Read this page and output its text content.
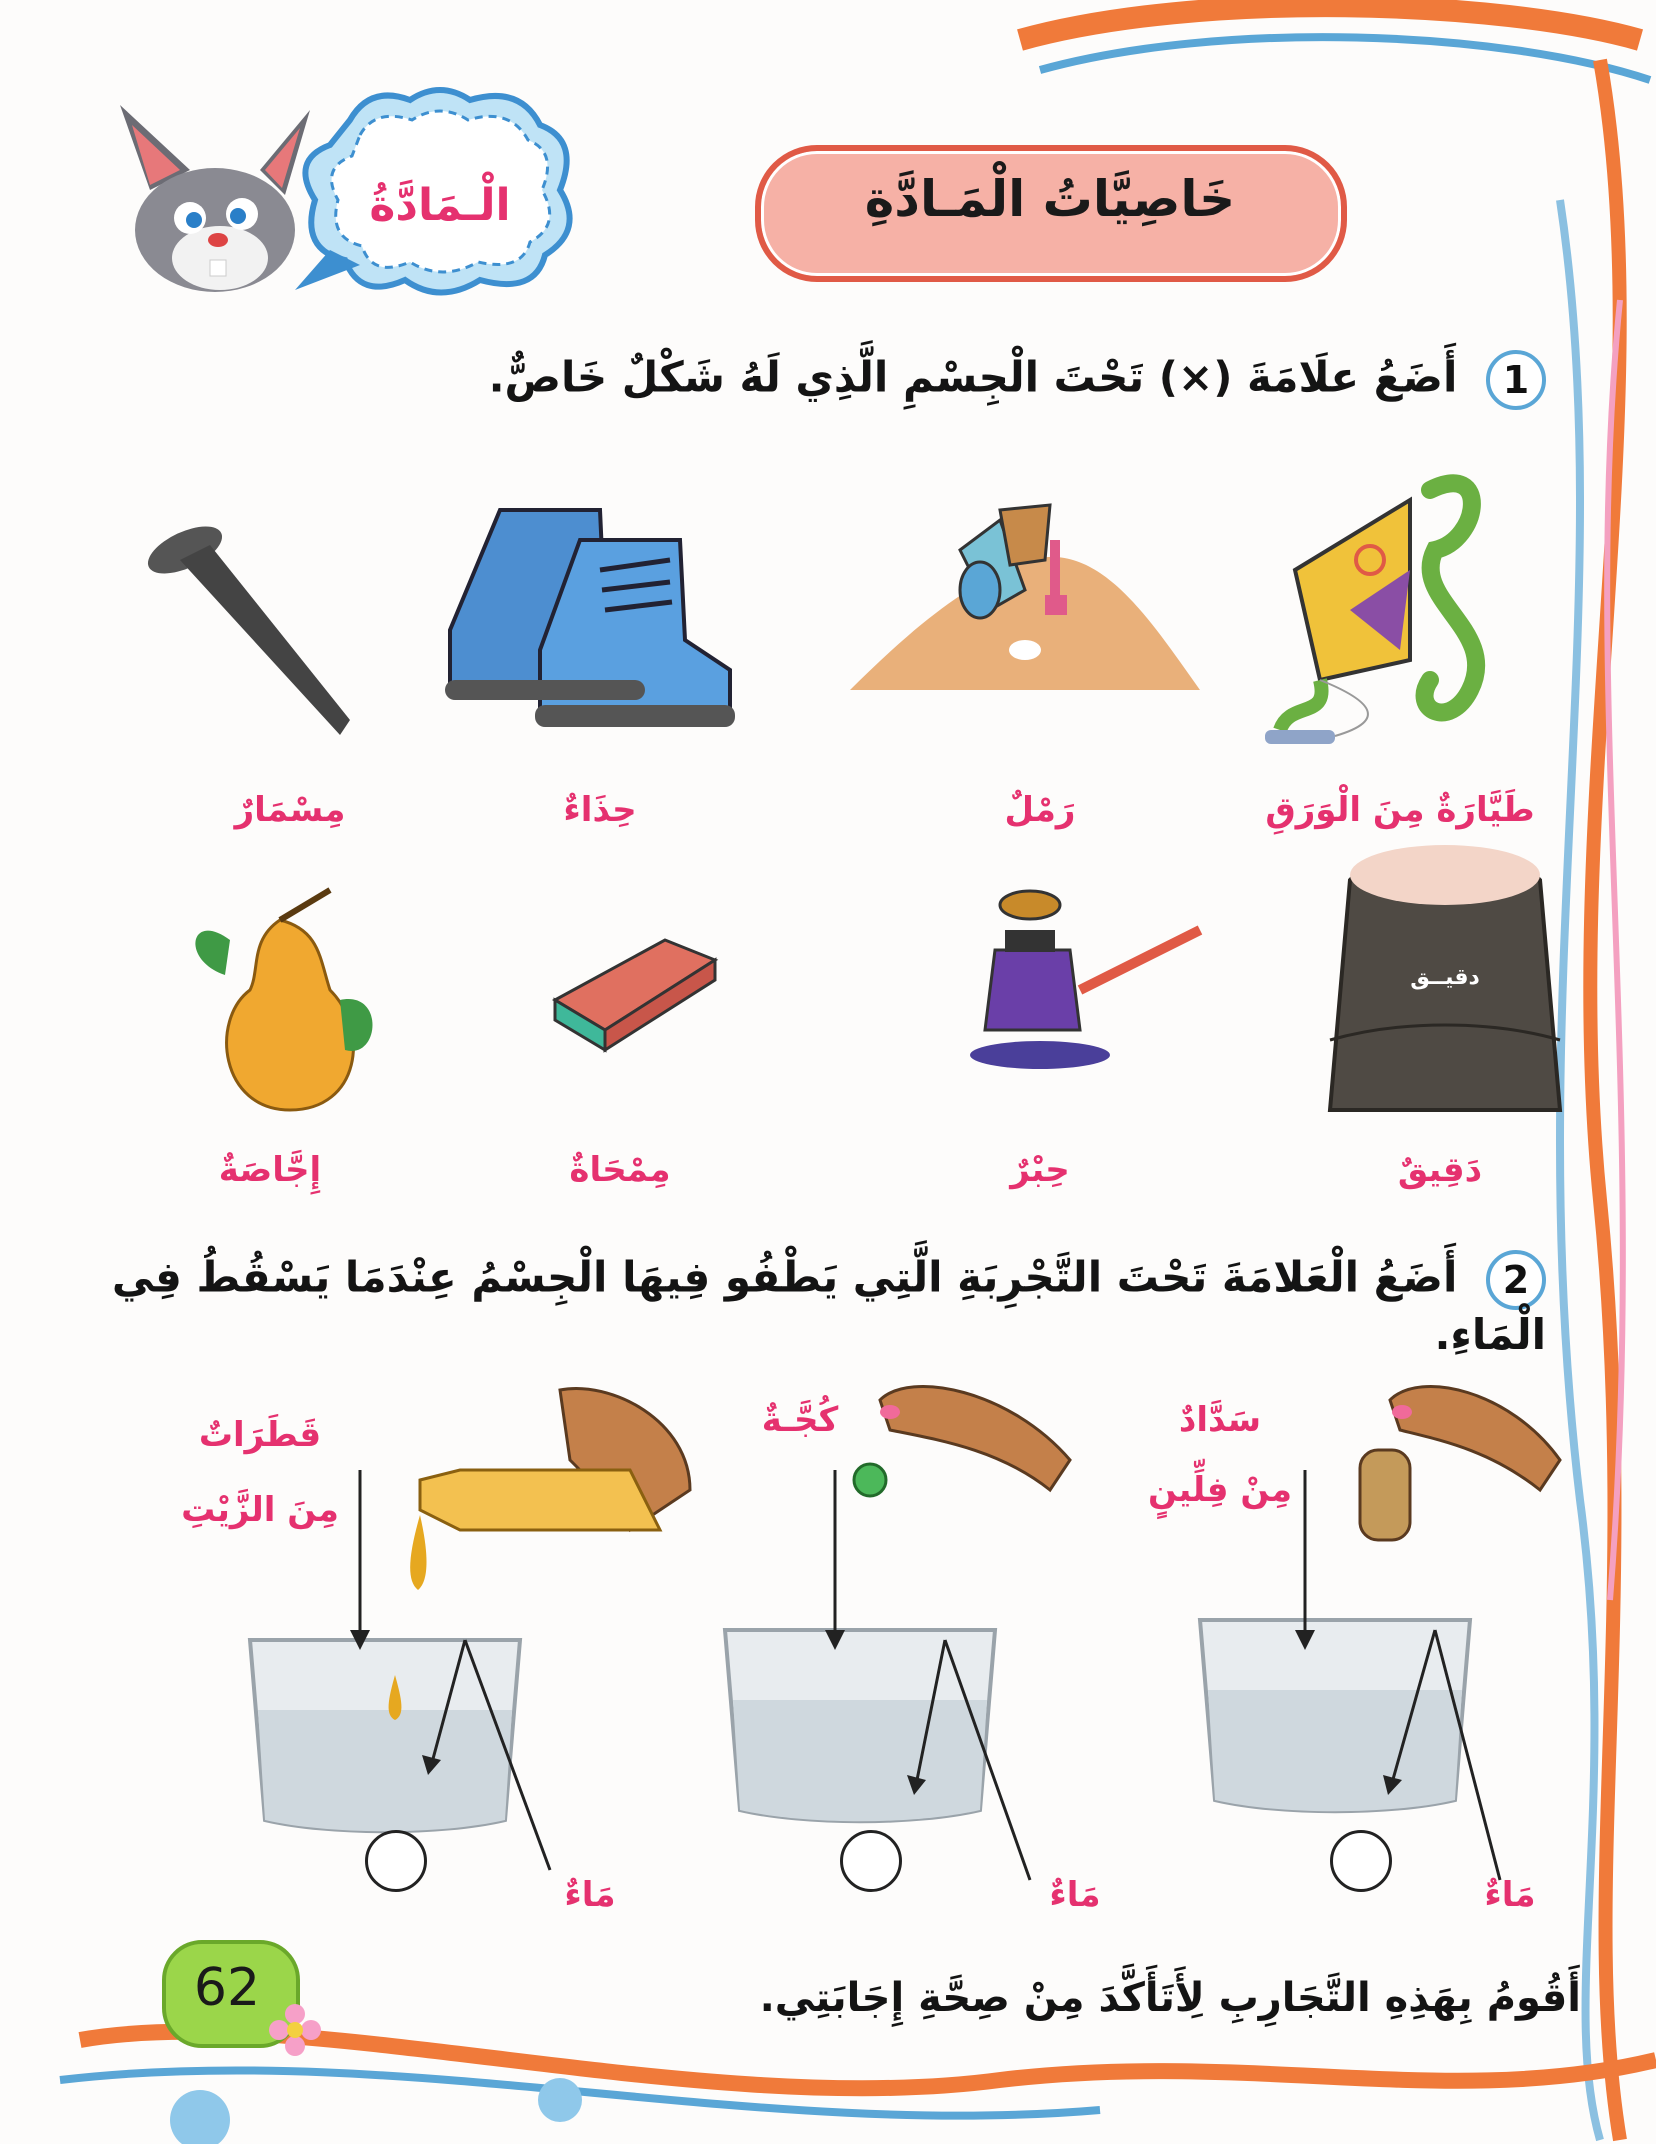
خَاصِيَّاتُ الْمَـادَّةِ
الْـمَادَّةُ
1 أَضَعُ علَامَةَ (×) تَحْتَ الْجِسْمِ الَّذِي لَهُ شَكْلٌ خَاصٌّ.
طَيَّارَةٌ مِنَ الْوَرَقِ
رَمْلٌ
حِذَاءٌ
مِسْمَارٌ
دقيــق
دَقِيقٌ
حِبْرٌ
مِمْحَاةٌ
إِجَّاصَةٌ
2 أَضَعُ الْعَلامَةَ تَحْتَ التَّجْرِبَةِ الَّتِي يَطْفُو فِيهَا الْجِسْمُ عِنْدَمَا يَسْقُطُ فِي الْمَاءِ.
سَدَّادٌ
مِنْ فِلِّينٍ
مَاءٌ
كُجَّـةٌ
مَاءٌ
قَطَرَاتٌ
مِنَ الزَّيْتِ
مَاءٌ
62	أَقُومُ بِهَذِهِ التَّجَارِبِ لِأَتَأَكَّدَ مِنْ صِحَّةِ إِجَابَتِي.
